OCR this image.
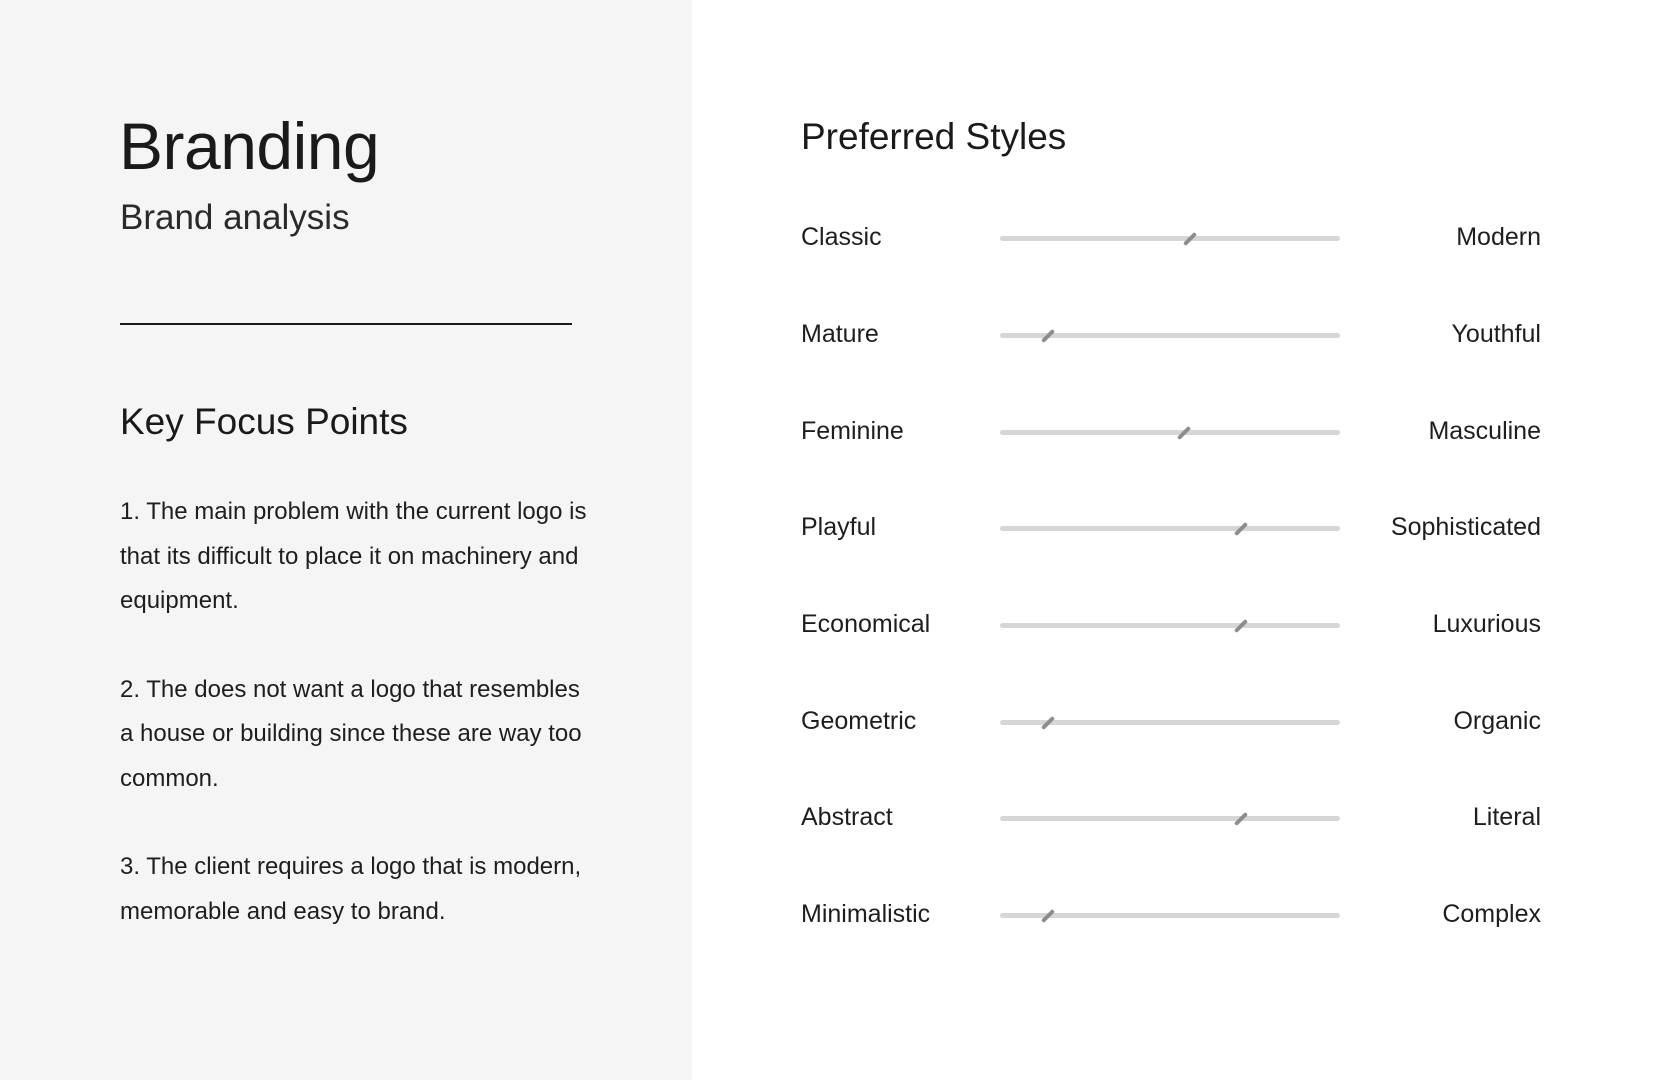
Branding
Brand analysis
Key Focus Points
1. The main problem with the current logo is that its difficult to place it on machinery and equipment.
2. The does not want a logo that resembles a house or building since these are way too common.
3. The client requires a logo that is modern, memorable and easy to brand.
Preferred Styles
Classic	Modern
Mature	Youthful
Feminine	Masculine
Playful	Sophisticated
Economical	Luxurious
Geometric	Organic
Abstract	Literal
Minimalistic	Complex
